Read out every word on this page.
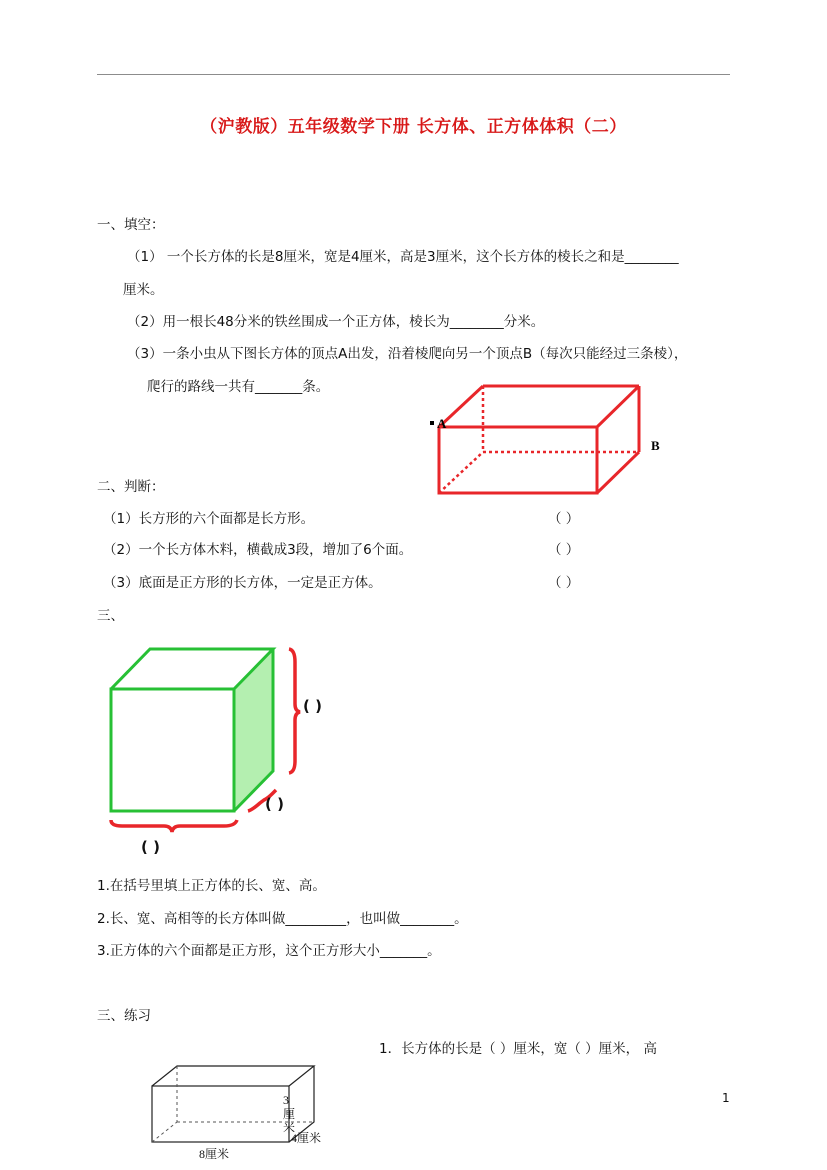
（沪教版）五年级数学下册 长方体、正方体体积（二）
一、填空：
（1） 一个长方体的长是8厘米，宽是4厘米，高是3厘米，这个长方体的棱长之和是________
厘米。
（2）用一根长48分米的铁丝围成一个正方体，棱长为________分米。
（3）一条小虫从下图长方体的顶点A出发，沿着棱爬向另一个顶点B（每次只能经过三条棱），
爬行的路线一共有_______条。
A
B
二、判断：
（1）长方形的六个面都是长方形。	（ ）
（2）一个长方体木料，横截成3段，增加了6个面。	（ ）
（3）底面是正方形的长方体，一定是正方体。	（ ）
三、
( )
( )
( )
1.在括号里填上正方体的长、宽、高。
2.长、宽、高相等的长方体叫做_________，也叫做________。
3.正方体的六个面都是正方形，这个正方形大小_______。
三、练习
1．长方体的长是（ ）厘米，宽（ ）厘米， 高
3厘米
4厘米
8厘米
1
